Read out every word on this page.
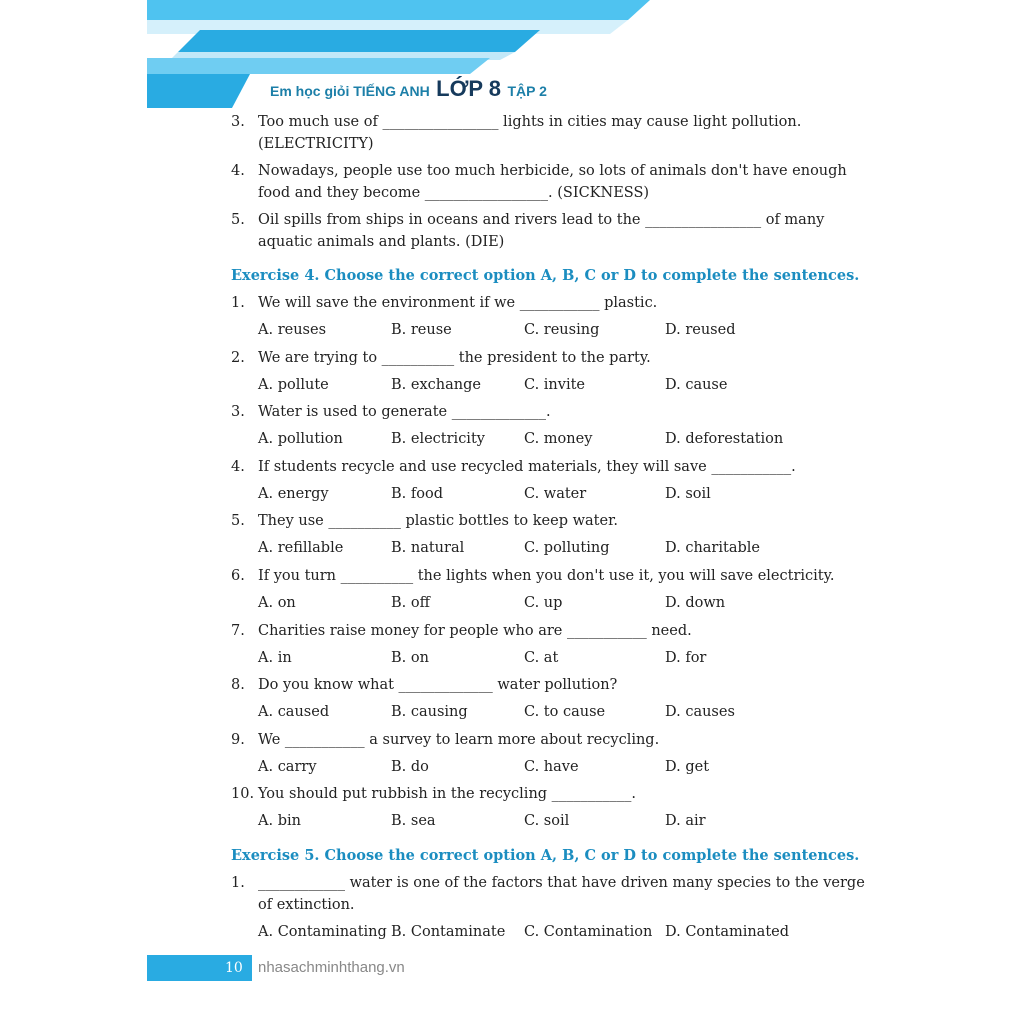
Em học giỏi TIẾNG ANH LỚP 8 TẬP 2
3. Too much use of ________________ lights in cities may cause light pollution.
(ELECTRICITY)
4. Nowadays, people use too much herbicide, so lots of animals don't have enough
food and they become _________________. (SICKNESS)
5. Oil spills from ships in oceans and rivers lead to the ________________ of many
aquatic animals and plants. (DIE)
Exercise 4. Choose the correct option A, B, C or D to complete the sentences.
1. We will save the environment if we ___________ plastic.
A. reuses	B. reuse	C. reusing	D. reused
2. We are trying to __________ the president to the party.
A. pollute	B. exchange	C. invite	D. cause
3. Water is used to generate _____________.
A. pollution	B. electricity	C. money	D. deforestation
4. If students recycle and use recycled materials, they will save ___________.
A. energy	B. food	C. water	D. soil
5. They use __________ plastic bottles to keep water.
A. refillable	B. natural	C. polluting	D. charitable
6. If you turn __________ the lights when you don't use it, you will save electricity.
A. on	B. off	C. up	D. down
7. Charities raise money for people who are ___________ need.
A. in	B. on	C. at	D. for
8. Do you know what _____________ water pollution?
A. caused	B. causing	C. to cause	D. causes
9. We ___________ a survey to learn more about recycling.
A. carry	B. do	C. have	D. get
10. You should put rubbish in the recycling ___________.
A. bin	B. sea	C. soil	D. air
Exercise 5. Choose the correct option A, B, C or D to complete the sentences.
1. ____________ water is one of the factors that have driven many species to the verge
of extinction.
A. Contaminating B. Contaminate C. Contamination D. Contaminated
10 nhasachminhthang.vn
